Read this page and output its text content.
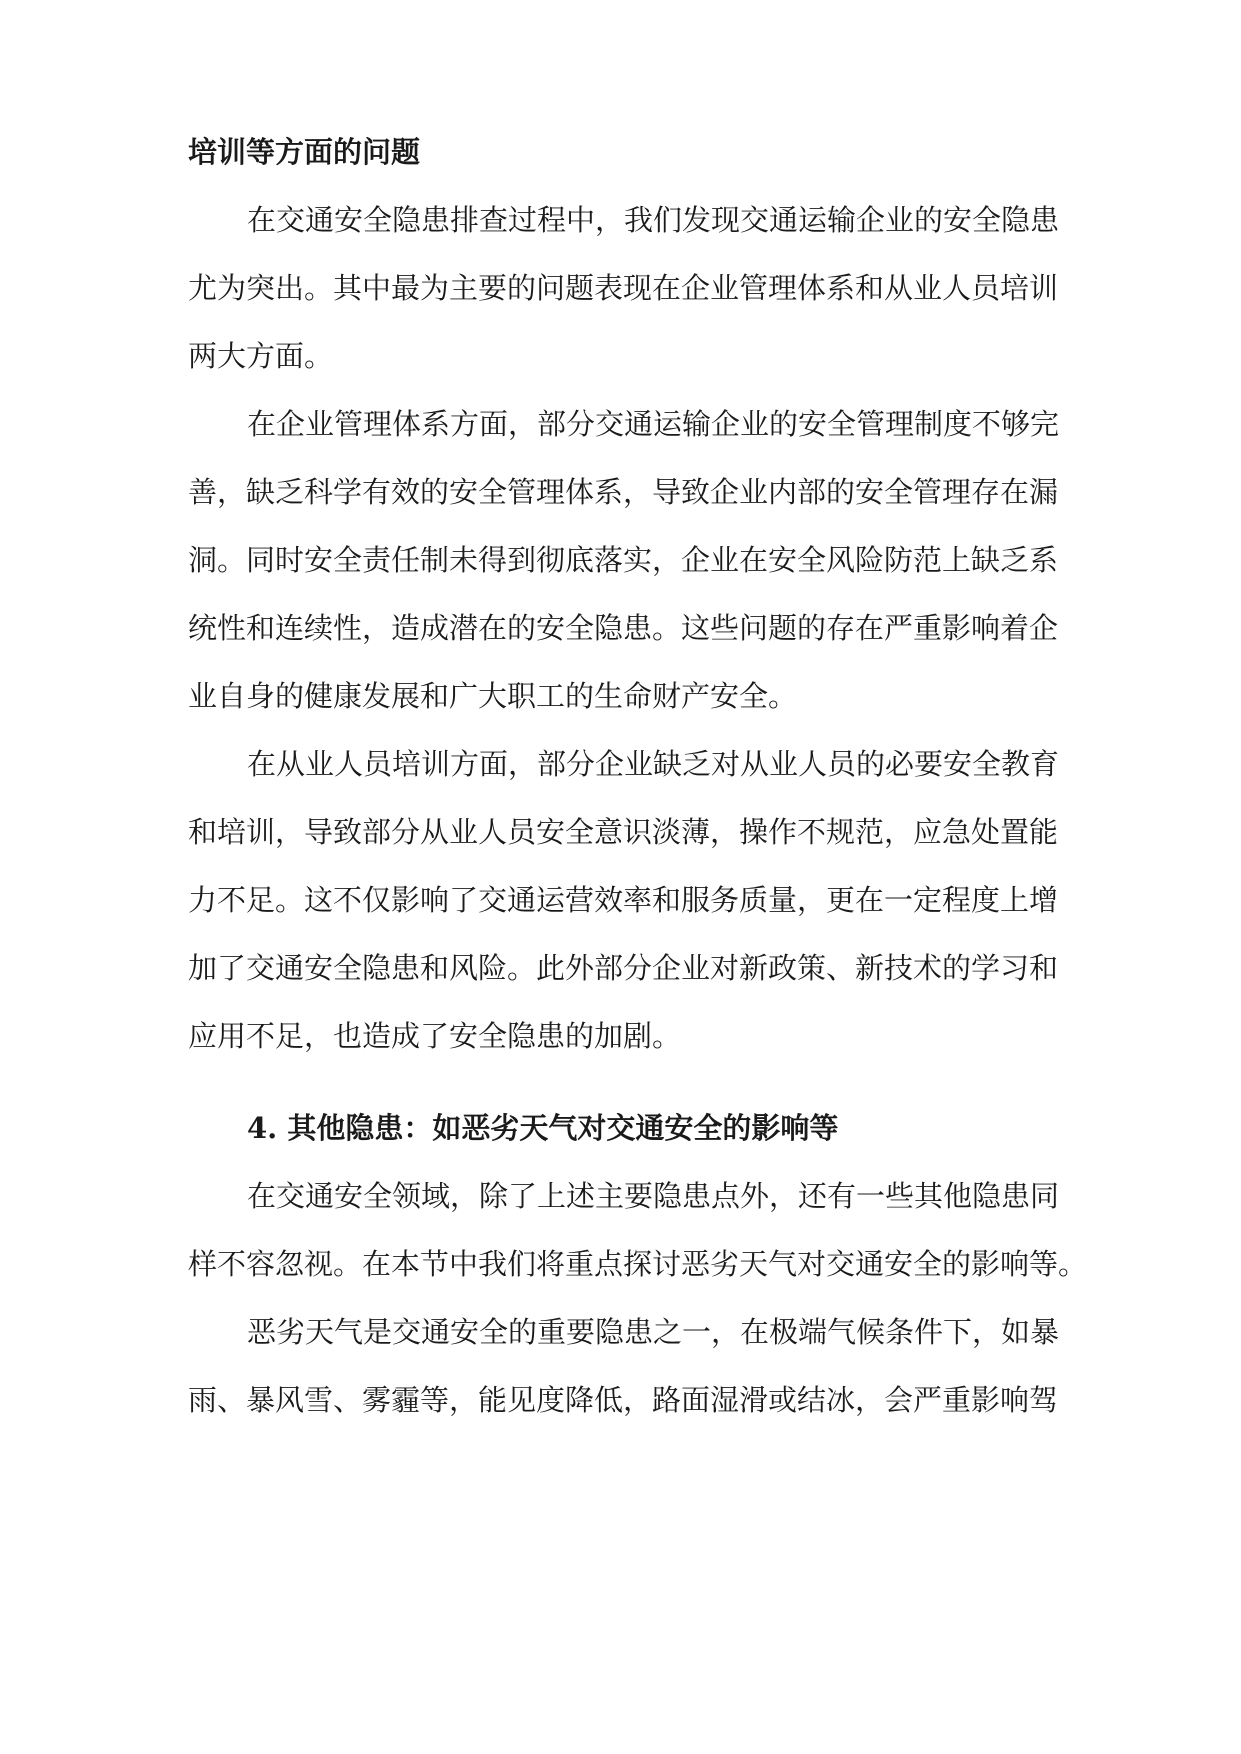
培训等方面的问题
在交通安全隐患排查过程中，我们发现交通运输企业的安全隐患
尤为突出。其中最为主要的问题表现在企业管理体系和从业人员培训
两大方面。
在企业管理体系方面，部分交通运输企业的安全管理制度不够完
善，缺乏科学有效的安全管理体系，导致企业内部的安全管理存在漏
洞。同时安全责任制未得到彻底落实，企业在安全风险防范上缺乏系
统性和连续性，造成潜在的安全隐患。这些问题的存在严重影响着企
业自身的健康发展和广大职工的生命财产安全。
在从业人员培训方面，部分企业缺乏对从业人员的必要安全教育
和培训，导致部分从业人员安全意识淡薄，操作不规范，应急处置能
力不足。这不仅影响了交通运营效率和服务质量，更在一定程度上增
加了交通安全隐患和风险。此外部分企业对新政策、新技术的学习和
应用不足，也造成了安全隐患的加剧。
4. 其他隐患：如恶劣天气对交通安全的影响等
在交通安全领域，除了上述主要隐患点外，还有一些其他隐患同
样不容忽视。在本节中我们将重点探讨恶劣天气对交通安全的影响等。
恶劣天气是交通安全的重要隐患之一，在极端气候条件下，如暴
雨、暴风雪、雾霾等，能见度降低，路面湿滑或结冰，会严重影响驾
